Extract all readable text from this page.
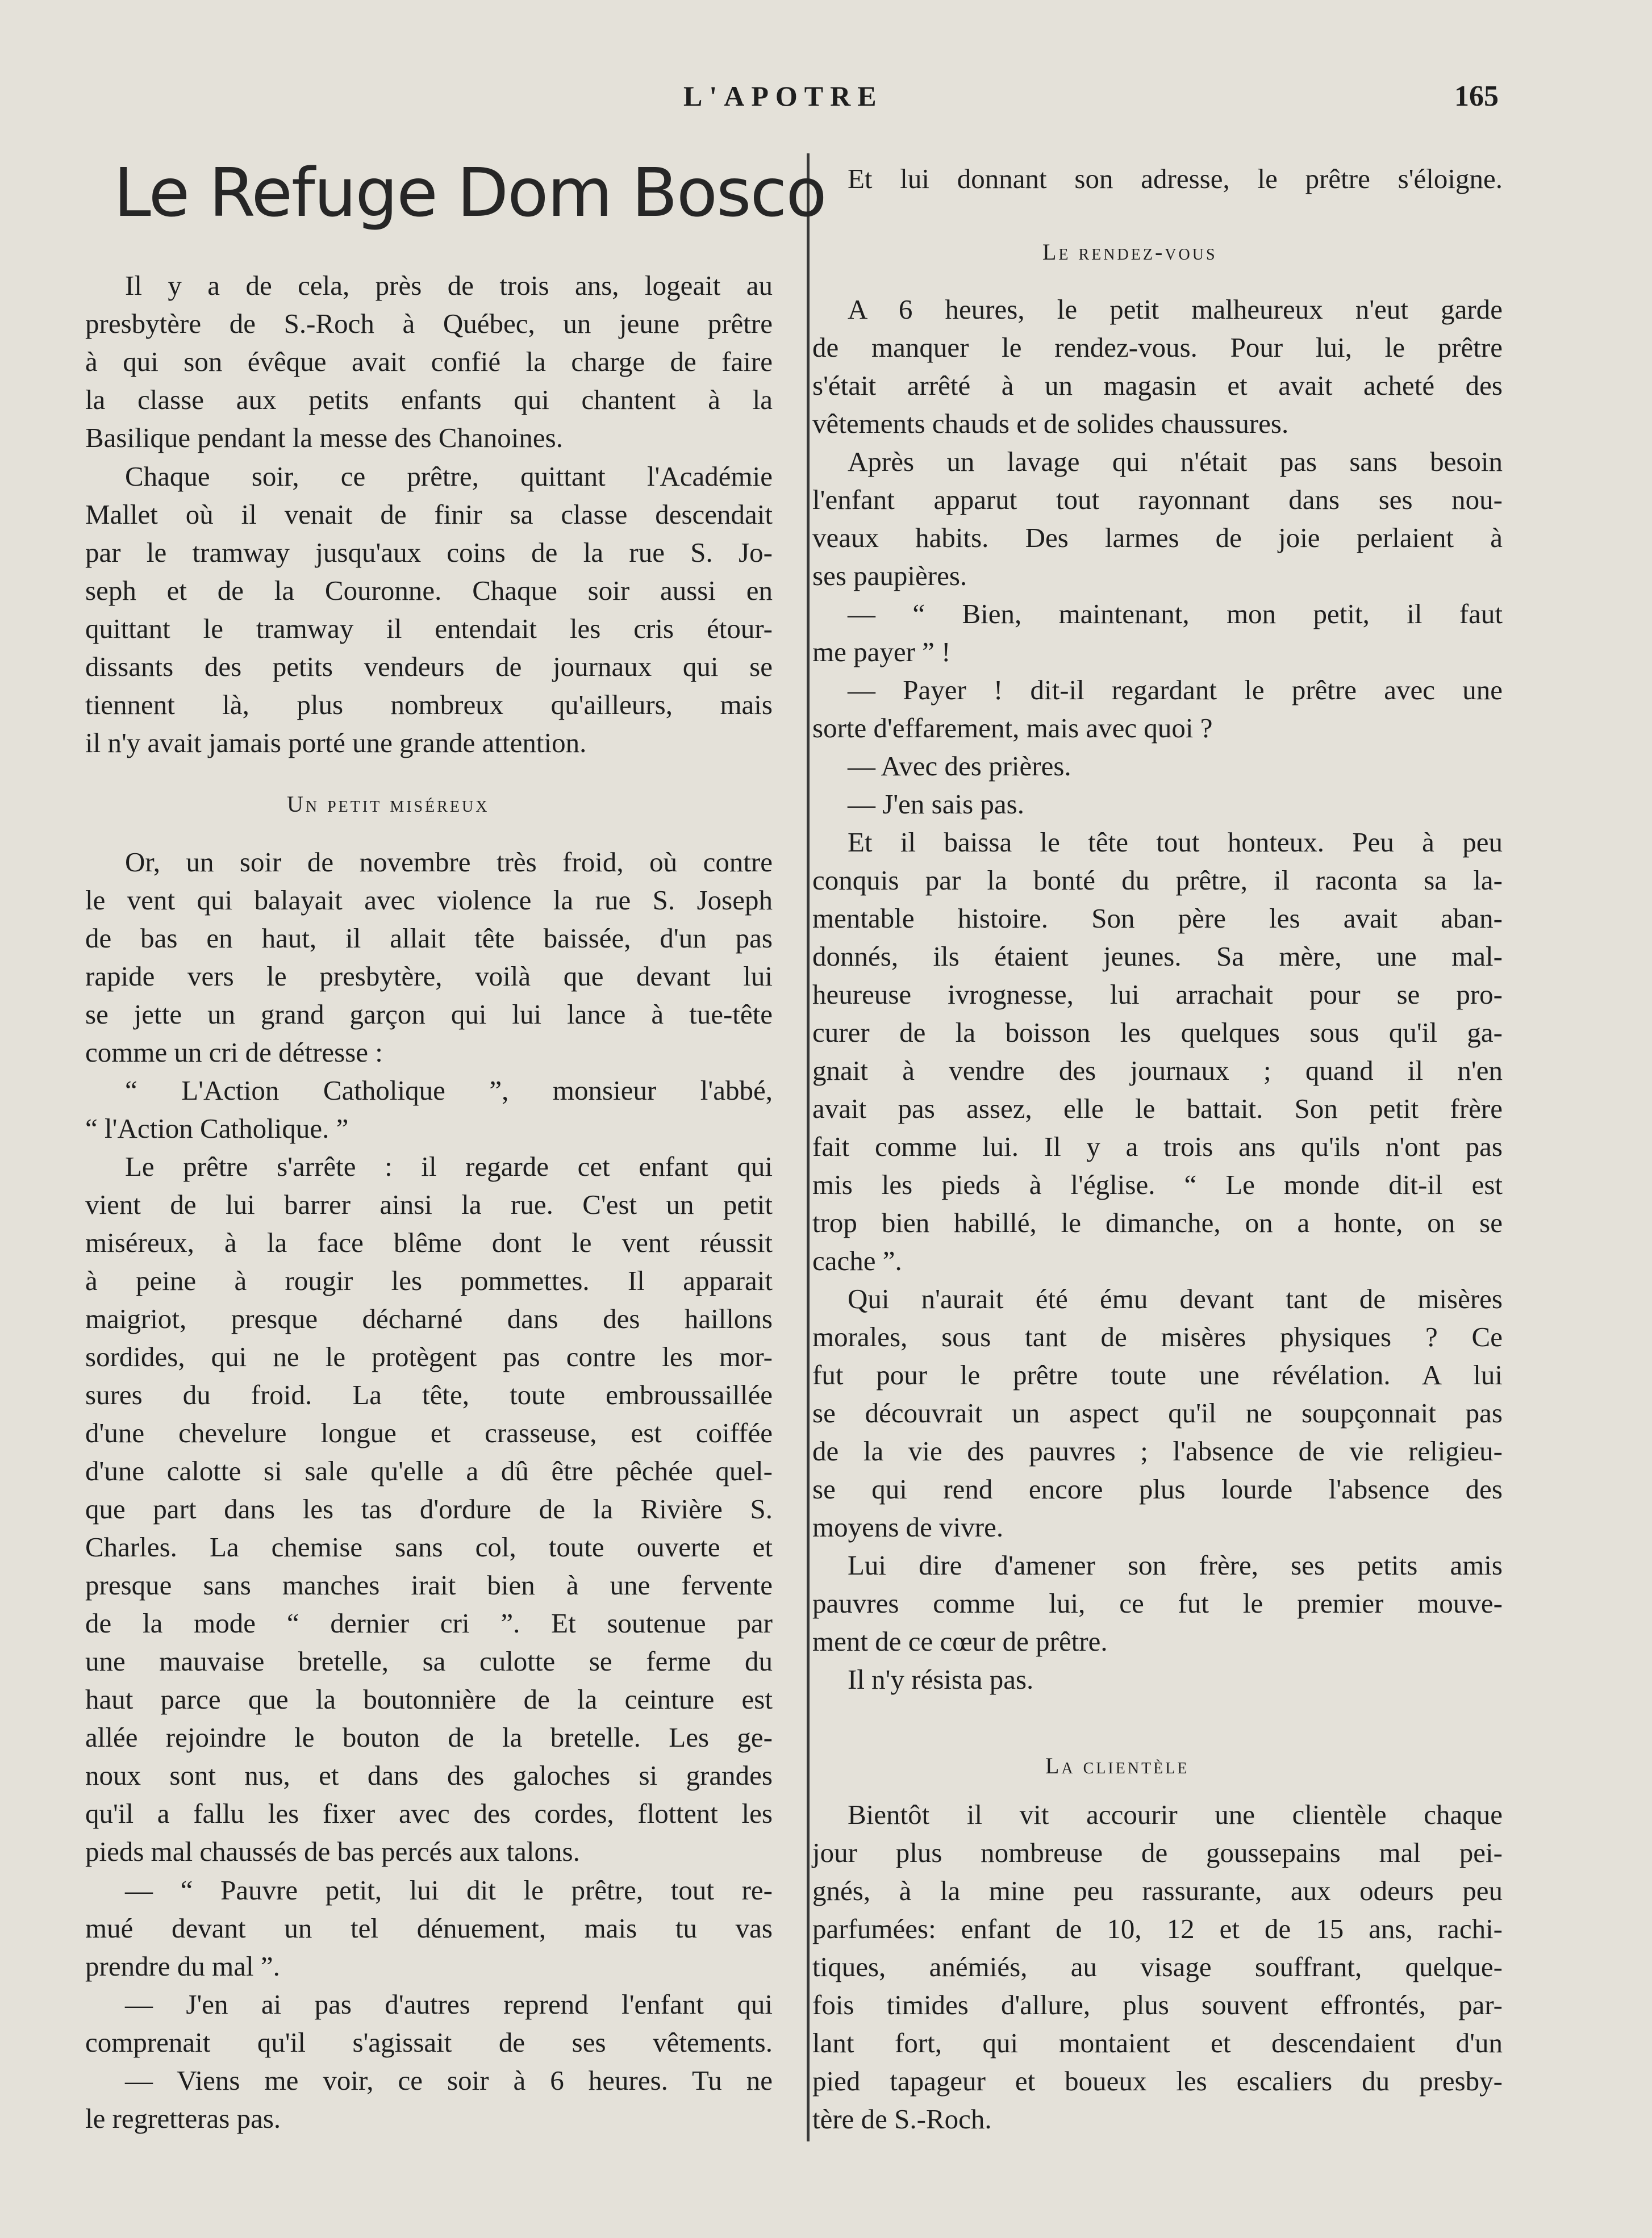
L'APOTRE	165
Le Refuge Dom Bosco
Il y a de cela, près de trois ans, logeait au
presbytère de S.-Roch à Québec, un jeune prêtre
à qui son évêque avait confié la charge de faire
la classe aux petits enfants qui chantent à la
Basilique pendant la messe des Chanoines.
Chaque soir, ce prêtre, quittant l'Académie
Mallet où il venait de finir sa classe descendait
par le tramway jusqu'aux coins de la rue S. Jo-
seph et de la Couronne. Chaque soir aussi en
quittant le tramway il entendait les cris étour-
dissants des petits vendeurs de journaux qui se
tiennent là, plus nombreux qu'ailleurs, mais
il n'y avait jamais porté une grande attention.
Or, un soir de novembre très froid, où contre
le vent qui balayait avec violence la rue S. Joseph
de bas en haut, il allait tête baissée, d'un pas
rapide vers le presbytère, voilà que devant lui
se jette un grand garçon qui lui lance à tue-tête
comme un cri de détresse :
“ L'Action Catholique ”, monsieur l'abbé,
“ l'Action Catholique. ”
Le prêtre s'arrête : il regarde cet enfant qui
vient de lui barrer ainsi la rue. C'est un petit
miséreux, à la face blême dont le vent réussit
à peine à rougir les pommettes. Il apparait
maigriot, presque décharné dans des haillons
sordides, qui ne le protègent pas contre les mor-
sures du froid. La tête, toute embroussaillée
d'une chevelure longue et crasseuse, est coiffée
d'une calotte si sale qu'elle a dû être pêchée quel-
que part dans les tas d'ordure de la Rivière S.
Charles. La chemise sans col, toute ouverte et
presque sans manches irait bien à une fervente
de la mode “ dernier cri ”. Et soutenue par
une mauvaise bretelle, sa culotte se ferme du
haut parce que la boutonnière de la ceinture est
allée rejoindre le bouton de la bretelle. Les ge-
noux sont nus, et dans des galoches si grandes
qu'il a fallu les fixer avec des cordes, flottent les
pieds mal chaussés de bas percés aux talons.
— “ Pauvre petit, lui dit le prêtre, tout re-
mué devant un tel dénuement, mais tu vas
prendre du mal ”.
— J'en ai pas d'autres reprend l'enfant qui
comprenait qu'il s'agissait de ses vêtements.
— Viens me voir, ce soir à 6 heures. Tu ne
le regretteras pas.
Un petit miséreux
Et lui donnant son adresse, le prêtre s'éloigne.
A 6 heures, le petit malheureux n'eut garde
de manquer le rendez-vous. Pour lui, le prêtre
s'était arrêté à un magasin et avait acheté des
vêtements chauds et de solides chaussures.
Après un lavage qui n'était pas sans besoin
l'enfant apparut tout rayonnant dans ses nou-
veaux habits. Des larmes de joie perlaient à
ses paupières.
— “ Bien, maintenant, mon petit, il faut
me payer ” !
— Payer ! dit-il regardant le prêtre avec une
sorte d'effarement, mais avec quoi ?
— Avec des prières.
— J'en sais pas.
Et il baissa le tête tout honteux. Peu à peu
conquis par la bonté du prêtre, il raconta sa la-
mentable histoire. Son père les avait aban-
donnés, ils étaient jeunes. Sa mère, une mal-
heureuse ivrognesse, lui arrachait pour se pro-
curer de la boisson les quelques sous qu'il ga-
gnait à vendre des journaux ; quand il n'en
avait pas assez, elle le battait. Son petit frère
fait comme lui. Il y a trois ans qu'ils n'ont pas
mis les pieds à l'église. “ Le monde dit-il est
trop bien habillé, le dimanche, on a honte, on se
cache ”.
Qui n'aurait été ému devant tant de misères
morales, sous tant de misères physiques ? Ce
fut pour le prêtre toute une révélation. A lui
se découvrait un aspect qu'il ne soupçonnait pas
de la vie des pauvres ; l'absence de vie religieu-
se qui rend encore plus lourde l'absence des
moyens de vivre.
Lui dire d'amener son frère, ses petits amis
pauvres comme lui, ce fut le premier mouve-
ment de ce cœur de prêtre.
Il n'y résista pas.
Bientôt il vit accourir une clientèle chaque
jour plus nombreuse de goussepains mal pei-
gnés, à la mine peu rassurante, aux odeurs peu
parfumées: enfant de 10, 12 et de 15 ans, rachi-
tiques, anémiés, au visage souffrant, quelque-
fois timides d'allure, plus souvent effrontés, par-
lant fort, qui montaient et descendaient d'un
pied tapageur et boueux les escaliers du presby-
tère de S.-Roch.
Le rendez-vous
La clientèle
